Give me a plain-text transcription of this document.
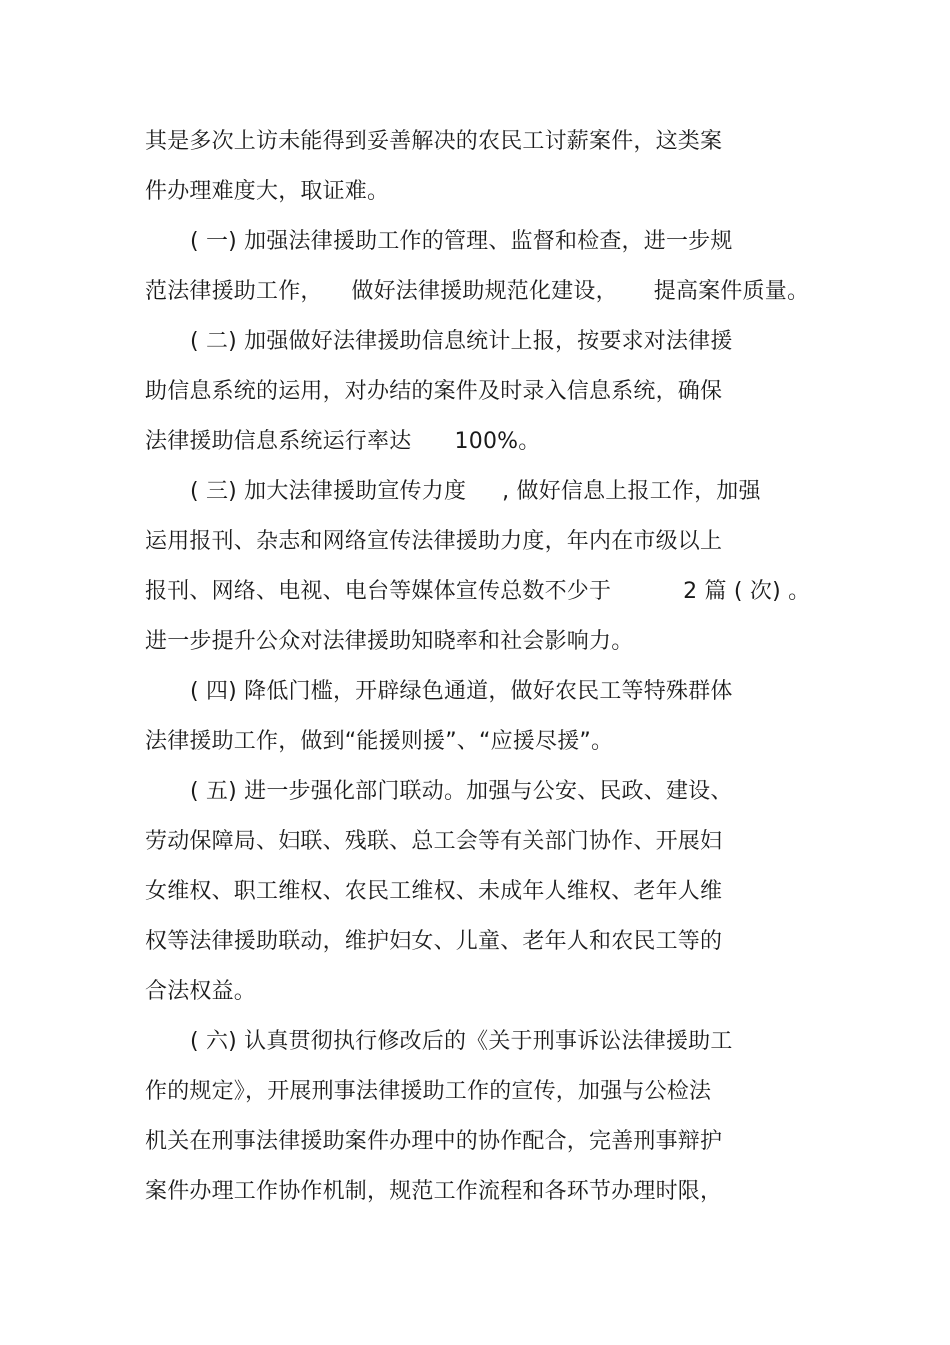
其是多次上访未能得到妥善解决的农民工讨薪案件，这类案
件办理难度大，取证难。
( 一) 加强法律援助工作的管理、监督和检查，进一步规
范法律援助工作，    做好法律援助规范化建设，     提高案件质量。
( 二) 加强做好法律援助信息统计上报，按要求对法律援
助信息系统的运用，对办结的案件及时录入信息系统，确保
法律援助信息系统运行率达      100%。
( 三) 加大法律援助宣传力度     , 做好信息上报工作，加强
运用报刊、杂志和网络宣传法律援助力度，年内在市级以上
报刊、网络、电视、电台等媒体宣传总数不少于          2 篇 ( 次) 。
进一步提升公众对法律援助知晓率和社会影响力。
( 四) 降低门槛，开辟绿色通道，做好农民工等特殊群体
法律援助工作，做到“能援则援”、“应援尽援”。
( 五) 进一步强化部门联动。加强与公安、民政、建设、
劳动保障局、妇联、残联、总工会等有关部门协作、开展妇
女维权、职工维权、农民工维权、未成年人维权、老年人维
权等法律援助联动，维护妇女、儿童、老年人和农民工等的
合法权益。
( 六) 认真贯彻执行修改后的《关于刑事诉讼法律援助工
作的规定》，开展刑事法律援助工作的宣传，加强与公检法
机关在刑事法律援助案件办理中的协作配合，完善刑事辩护
案件办理工作协作机制，规范工作流程和各环节办理时限，
